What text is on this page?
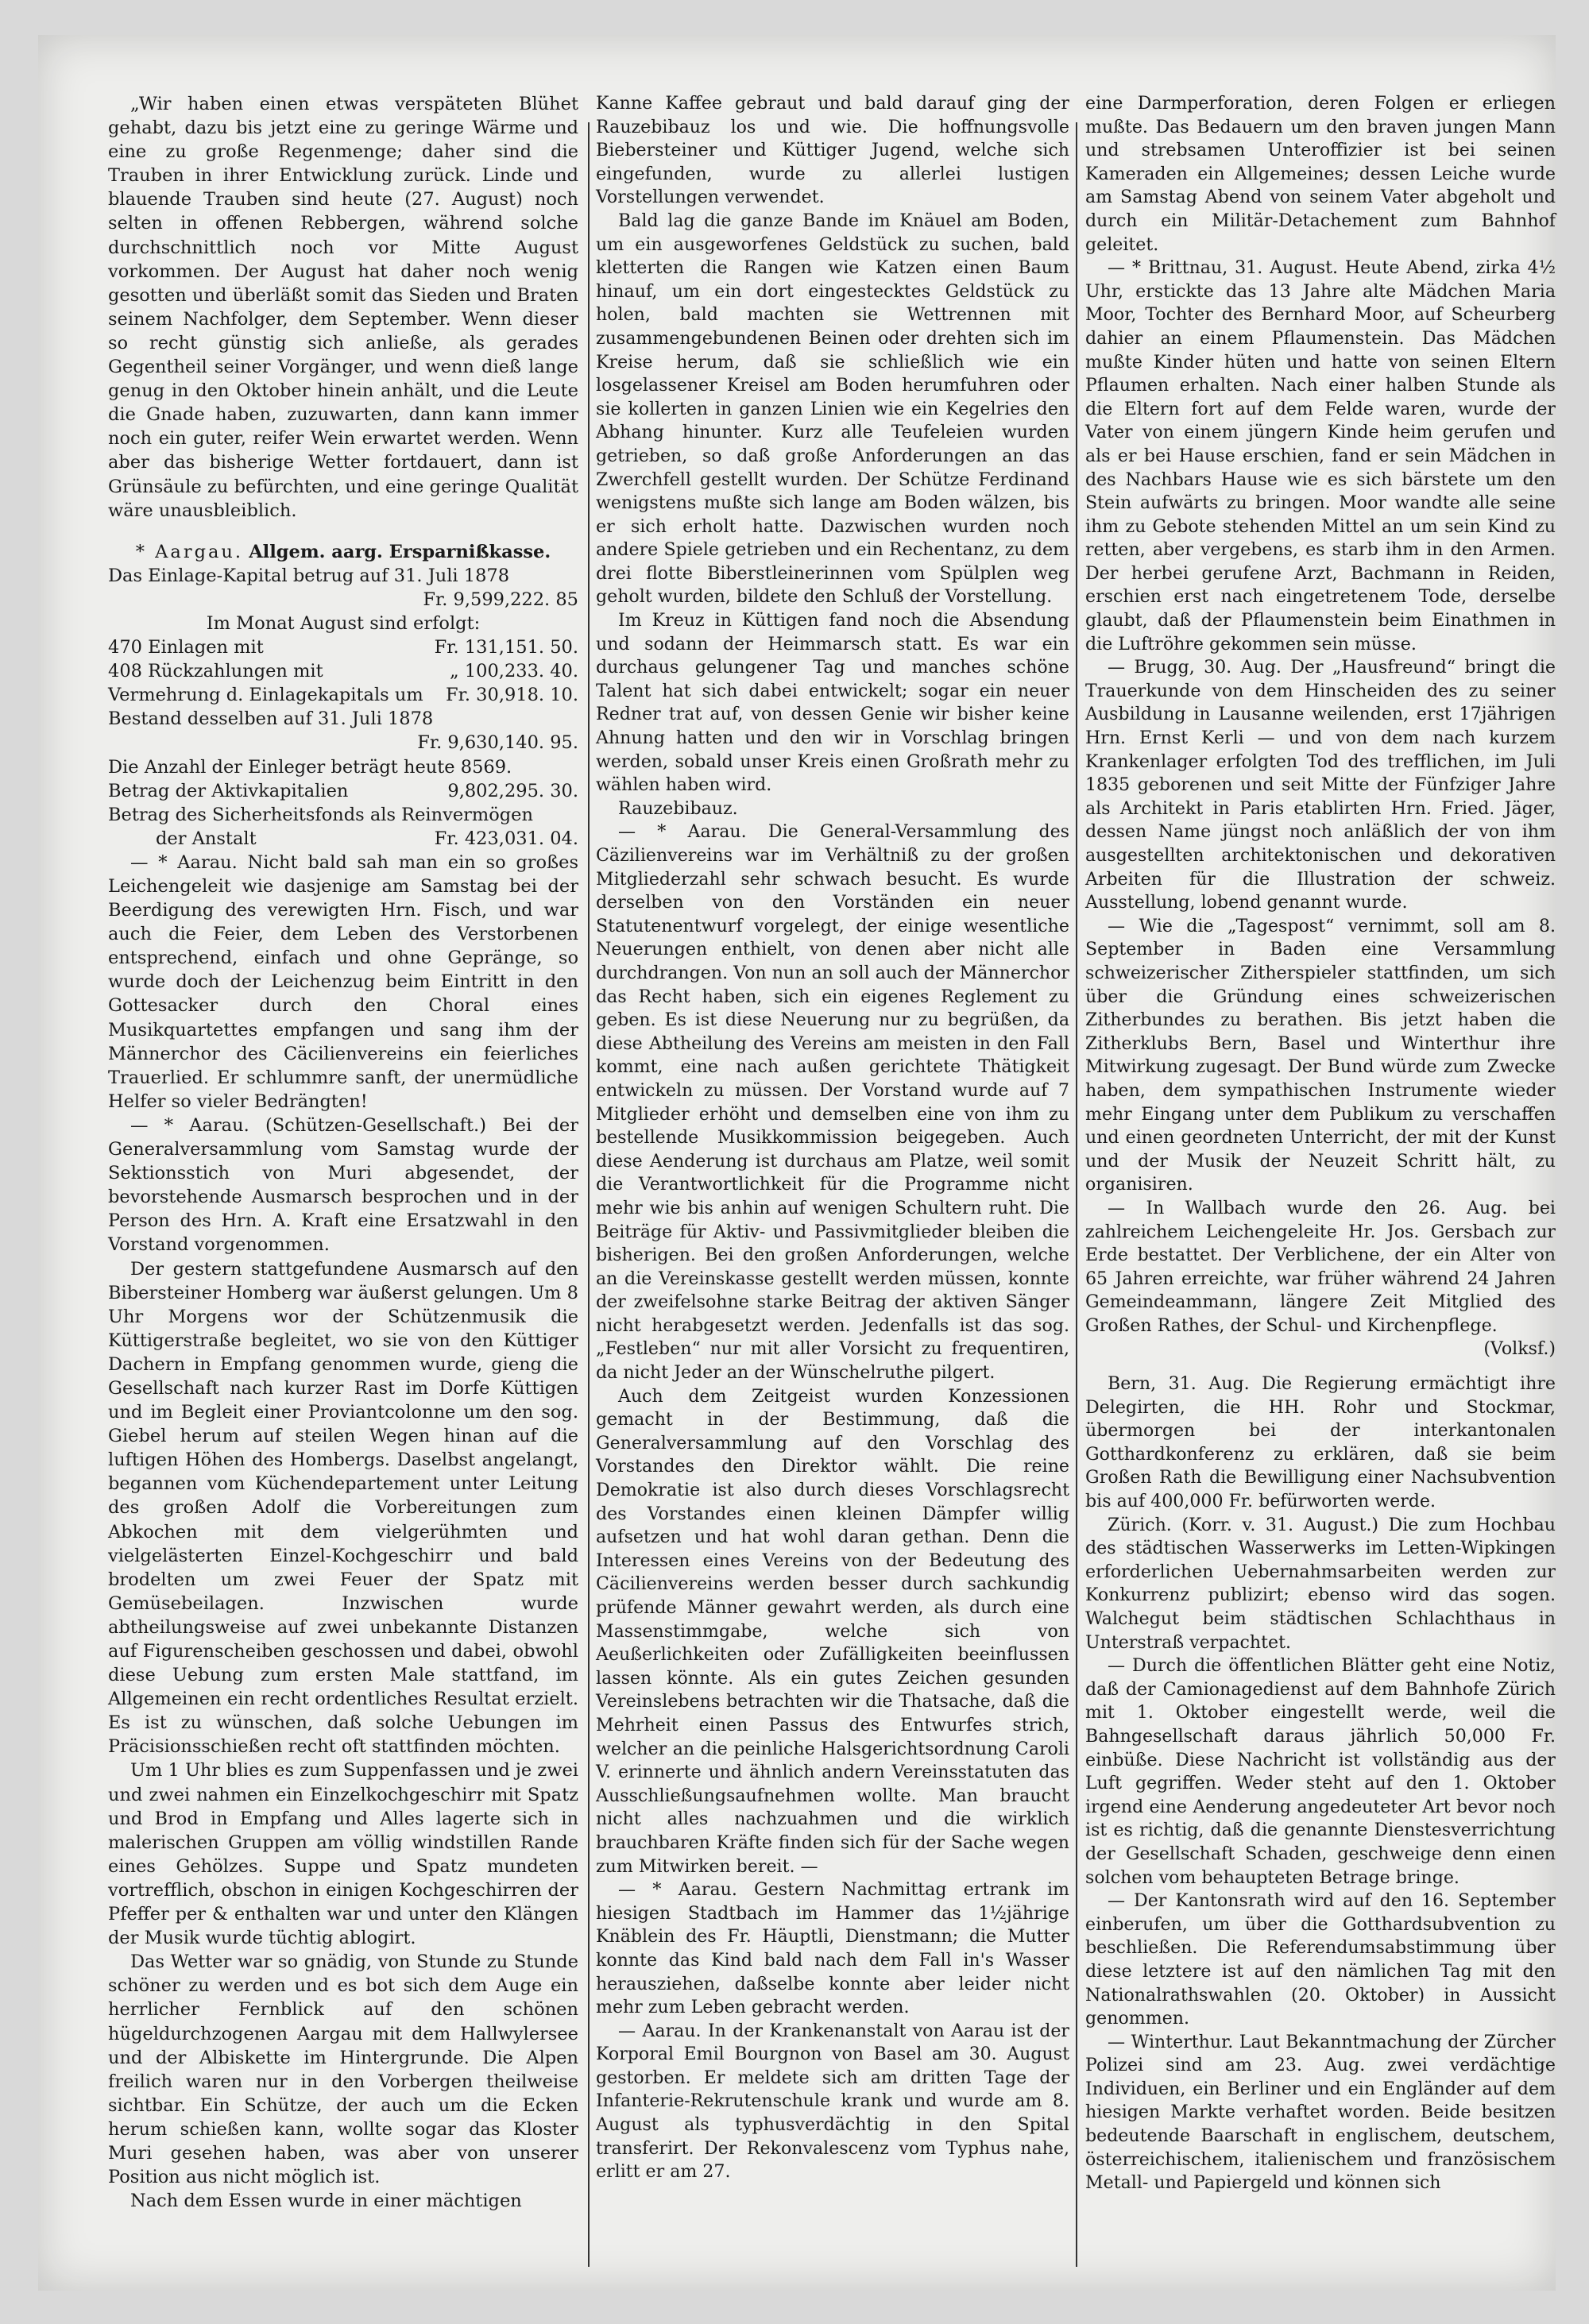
„Wir haben einen etwas verspäteten Blühet gehabt, dazu bis jetzt eine zu geringe Wärme und eine zu große Regenmenge; daher sind die Trauben in ihrer Entwicklung zurück. Linde und blauende Trauben sind heute (27. August) noch selten in offenen Rebbergen, während solche durchschnittlich noch vor Mitte August vorkommen. Der August hat daher noch wenig gesotten und überläßt somit das Sieden und Braten seinem Nachfolger, dem September. Wenn dieser so recht günstig sich anließe, als gerades Gegentheil seiner Vorgänger, und wenn dieß lange genug in den Oktober hinein anhält, und die Leute die Gnade haben, zuzuwarten, dann kann immer noch ein guter, reifer Wein erwartet werden. Wenn aber das bisherige Wetter fortdauert, dann ist Grünsäule zu befürchten, und eine geringe Qualität wäre unausbleiblich.

* Aargau. Allgem. aarg. Ersparnißkasse.

Das Einlage-Kapital betrug auf 31. Juli 1878

Fr. 9,599,222. 85

Im Monat August sind erfolgt:

470 Einlagen mit	Fr. 131,151. 50.
408 Rückzahlungen mit	„ 100,233. 40.
Vermehrung d. Einlagekapitals um Fr. 30,918. 10.

Bestand desselben auf 31. Juli 1878

Fr. 9,630,140. 95.

Die Anzahl der Einleger beträgt heute 8569.

Betrag der Aktivkapitalien	9,802,295. 30.

Betrag des Sicherheitsfonds als Reinvermögen

der Anstalt	Fr. 423,031. 04.

— * Aarau. Nicht bald sah man ein so großes Leichengeleit wie dasjenige am Samstag bei der Beerdigung des verewigten Hrn. Fisch, und war auch die Feier, dem Leben des Verstorbenen entsprechend, einfach und ohne Gepränge, so wurde doch der Leichenzug beim Eintritt in den Gottesacker durch den Choral eines Musikquartettes empfangen und sang ihm der Männerchor des Cäcilienvereins ein feierliches Trauerlied. Er schlummre sanft, der unermüdliche Helfer so vieler Bedrängten!

— * Aarau. (Schützen-Gesellschaft.) Bei der Generalversammlung vom Samstag wurde der Sektionsstich von Muri abgesendet, der bevorstehende Ausmarsch besprochen und in der Person des Hrn. A. Kraft eine Ersatzwahl in den Vorstand vorgenommen.

Der gestern stattgefundene Ausmarsch auf den Bibersteiner Homberg war äußerst gelungen. Um 8 Uhr Morgens wor der Schützenmusik die Küttigerstraße begleitet, wo sie von den Küttiger Dachern in Empfang genommen wurde, gieng die Gesellschaft nach kurzer Rast im Dorfe Küttigen und im Begleit einer Proviantcolonne um den sog. Giebel herum auf steilen Wegen hinan auf die luftigen Höhen des Hombergs. Daselbst angelangt, begannen vom Küchendepartement unter Leitung des großen Adolf die Vorbereitungen zum Abkochen mit dem vielgerühmten und vielgelästerten Einzel-Kochgeschirr und bald brodelten um zwei Feuer der Spatz mit Gemüsebeilagen. Inzwischen wurde abtheilungsweise auf zwei unbekannte Distanzen auf Figurenscheiben geschossen und dabei, obwohl diese Uebung zum ersten Male stattfand, im Allgemeinen ein recht ordentliches Resultat erzielt. Es ist zu wünschen, daß solche Uebungen im Präcisionsschießen recht oft stattfinden möchten.

Um 1 Uhr blies es zum Suppenfassen und je zwei und zwei nahmen ein Einzelkochgeschirr mit Spatz und Brod in Empfang und Alles lagerte sich in malerischen Gruppen am völlig windstillen Rande eines Gehölzes. Suppe und Spatz mundeten vortrefflich, obschon in einigen Kochgeschirren der Pfeffer per & enthalten war und unter den Klängen der Musik wurde tüchtig ablogirt.

Das Wetter war so gnädig, von Stunde zu Stunde schöner zu werden und es bot sich dem Auge ein herrlicher Fernblick auf den schönen hügeldurchzogenen Aargau mit dem Hallwylersee und der Albiskette im Hintergrunde. Die Alpen freilich waren nur in den Vorbergen theilweise sichtbar. Ein Schütze, der auch um die Ecken herum schießen kann, wollte sogar das Kloster Muri gesehen haben, was aber von unserer Position aus nicht möglich ist.

Nach dem Essen wurde in einer mächtigen

Kanne Kaffee gebraut und bald darauf ging der Rauzebibauz los und wie. Die hoffnungsvolle Biebersteiner und Küttiger Jugend, welche sich eingefunden, wurde zu allerlei lustigen Vorstellungen verwendet.

Bald lag die ganze Bande im Knäuel am Boden, um ein ausgeworfenes Geldstück zu suchen, bald kletterten die Rangen wie Katzen einen Baum hinauf, um ein dort eingestecktes Geldstück zu holen, bald machten sie Wettrennen mit zusammengebundenen Beinen oder drehten sich im Kreise herum, daß sie schließlich wie ein losgelassener Kreisel am Boden herumfuhren oder sie kollerten in ganzen Linien wie ein Kegelries den Abhang hinunter. Kurz alle Teufeleien wurden getrieben, so daß große Anforderungen an das Zwerchfell gestellt wurden. Der Schütze Ferdinand wenigstens mußte sich lange am Boden wälzen, bis er sich erholt hatte. Dazwischen wurden noch andere Spiele getrieben und ein Rechentanz, zu dem drei flotte Biberstleinerinnen vom Spülplen weg geholt wurden, bildete den Schluß der Vorstellung.

Im Kreuz in Küttigen fand noch die Absendung und sodann der Heimmarsch statt. Es war ein durchaus gelungener Tag und manches schöne Talent hat sich dabei entwickelt; sogar ein neuer Redner trat auf, von dessen Genie wir bisher keine Ahnung hatten und den wir in Vorschlag bringen werden, sobald unser Kreis einen Großrath mehr zu wählen haben wird.

Rauzebibauz.

— * Aarau. Die General-Versammlung des Cäzilienvereins war im Verhältniß zu der großen Mitgliederzahl sehr schwach besucht. Es wurde derselben von den Vorständen ein neuer Statutenentwurf vorgelegt, der einige wesentliche Neuerungen enthielt, von denen aber nicht alle durchdrangen. Von nun an soll auch der Männerchor das Recht haben, sich ein eigenes Reglement zu geben. Es ist diese Neuerung nur zu begrüßen, da diese Abtheilung des Vereins am meisten in den Fall kommt, eine nach außen gerichtete Thätigkeit entwickeln zu müssen. Der Vorstand wurde auf 7 Mitglieder erhöht und demselben eine von ihm zu bestellende Musikkommission beigegeben. Auch diese Aenderung ist durchaus am Platze, weil somit die Verantwortlichkeit für die Programme nicht mehr wie bis anhin auf wenigen Schultern ruht. Die Beiträge für Aktiv- und Passivmitglieder bleiben die bisherigen. Bei den großen Anforderungen, welche an die Vereinskasse gestellt werden müssen, konnte der zweifelsohne starke Beitrag der aktiven Sänger nicht herabgesetzt werden. Jedenfalls ist das sog. „Festleben“ nur mit aller Vorsicht zu frequentiren, da nicht Jeder an der Wünschelruthe pilgert.

Auch dem Zeitgeist wurden Konzessionen gemacht in der Bestimmung, daß die Generalversammlung auf den Vorschlag des Vorstandes den Direktor wählt. Die reine Demokratie ist also durch dieses Vorschlagsrecht des Vorstandes einen kleinen Dämpfer willig aufsetzen und hat wohl daran gethan. Denn die Interessen eines Vereins von der Bedeutung des Cäcilienvereins werden besser durch sachkundig prüfende Männer gewahrt werden, als durch eine Massenstimmgabe, welche sich von Aeußerlichkeiten oder Zufälligkeiten beeinflussen lassen könnte. Als ein gutes Zeichen gesunden Vereinslebens betrachten wir die Thatsache, daß die Mehrheit einen Passus des Entwurfes strich, welcher an die peinliche Halsgerichtsordnung Caroli V. erinnerte und ähnlich andern Vereinsstatuten das Ausschließungsaufnehmen wollte. Man braucht nicht alles nachzuahmen und die wirklich brauchbaren Kräfte finden sich für der Sache wegen zum Mitwirken bereit. —

— * Aarau. Gestern Nachmittag ertrank im hiesigen Stadtbach im Hammer das 1½jährige Knäblein des Fr. Häuptli, Dienstmann; die Mutter konnte das Kind bald nach dem Fall in's Wasser herausziehen, daßselbe konnte aber leider nicht mehr zum Leben gebracht werden.

— Aarau. In der Krankenanstalt von Aarau ist der Korporal Emil Bourgnon von Basel am 30. August gestorben. Er meldete sich am dritten Tage der Infanterie-Rekrutenschule krank und wurde am 8. August als typhusverdächtig in den Spital transferirt. Der Rekonvalescenz vom Typhus nahe, erlitt er am 27.

eine Darmperforation, deren Folgen er erliegen mußte. Das Bedauern um den braven jungen Mann und strebsamen Unteroffizier ist bei seinen Kameraden ein Allgemeines; dessen Leiche wurde am Samstag Abend von seinem Vater abgeholt und durch ein Militär-Detachement zum Bahnhof geleitet.

— * Brittnau, 31. August. Heute Abend, zirka 4½ Uhr, erstickte das 13 Jahre alte Mädchen Maria Moor, Tochter des Bernhard Moor, auf Scheurberg dahier an einem Pflaumenstein. Das Mädchen mußte Kinder hüten und hatte von seinen Eltern Pflaumen erhalten. Nach einer halben Stunde als die Eltern fort auf dem Felde waren, wurde der Vater von einem jüngern Kinde heim gerufen und als er bei Hause erschien, fand er sein Mädchen in des Nachbars Hause wie es sich bärstete um den Stein aufwärts zu bringen. Moor wandte alle seine ihm zu Gebote stehenden Mittel an um sein Kind zu retten, aber vergebens, es starb ihm in den Armen. Der herbei gerufene Arzt, Bachmann in Reiden, erschien erst nach eingetretenem Tode, derselbe glaubt, daß der Pflaumenstein beim Einathmen in die Luftröhre gekommen sein müsse.

— Brugg, 30. Aug. Der „Hausfreund“ bringt die Trauerkunde von dem Hinscheiden des zu seiner Ausbildung in Lausanne weilenden, erst 17jährigen Hrn. Ernst Kerli — und von dem nach kurzem Krankenlager erfolgten Tod des trefflichen, im Juli 1835 geborenen und seit Mitte der Fünfziger Jahre als Architekt in Paris etablirten Hrn. Fried. Jäger, dessen Name jüngst noch anläßlich der von ihm ausgestellten architektonischen und dekorativen Arbeiten für die Illustration der schweiz. Ausstellung, lobend genannt wurde.

— Wie die „Tagespost“ vernimmt, soll am 8. September in Baden eine Versammlung schweizerischer Zitherspieler stattfinden, um sich über die Gründung eines schweizerischen Zitherbundes zu berathen. Bis jetzt haben die Zitherklubs Bern, Basel und Winterthur ihre Mitwirkung zugesagt. Der Bund würde zum Zwecke haben, dem sympathischen Instrumente wieder mehr Eingang unter dem Publikum zu verschaffen und einen geordneten Unterricht, der mit der Kunst und der Musik der Neuzeit Schritt hält, zu organisiren.

— In Wallbach wurde den 26. Aug. bei zahlreichem Leichengeleite Hr. Jos. Gersbach zur Erde bestattet. Der Verblichene, der ein Alter von 65 Jahren erreichte, war früher während 24 Jahren Gemeindeammann, längere Zeit Mitglied des Großen Rathes, der Schul- und Kirchenpflege.

(Volksf.)

Bern, 31. Aug. Die Regierung ermächtigt ihre Delegirten, die HH. Rohr und Stockmar, übermorgen bei der interkantonalen Gotthardkonferenz zu erklären, daß sie beim Großen Rath die Bewilligung einer Nachsubvention bis auf 400,000 Fr. befürworten werde.

Zürich. (Korr. v. 31. August.) Die zum Hochbau des städtischen Wasserwerks im Letten-Wipkingen erforderlichen Uebernahmsarbeiten werden zur Konkurrenz publizirt; ebenso wird das sogen. Walchegut beim städtischen Schlachthaus in Unterstraß verpachtet.

— Durch die öffentlichen Blätter geht eine Notiz, daß der Camionagedienst auf dem Bahnhofe Zürich mit 1. Oktober eingestellt werde, weil die Bahngesellschaft daraus jährlich 50,000 Fr. einbüße. Diese Nachricht ist vollständig aus der Luft gegriffen. Weder steht auf den 1. Oktober irgend eine Aenderung angedeuteter Art bevor noch ist es richtig, daß die genannte Dienstesverrichtung der Gesellschaft Schaden, geschweige denn einen solchen vom behaupteten Betrage bringe.

— Der Kantonsrath wird auf den 16. September einberufen, um über die Gotthardsubvention zu beschließen. Die Referendumsabstimmung über diese letztere ist auf den nämlichen Tag mit den Nationalrathswahlen (20. Oktober) in Aussicht genommen.

— Winterthur. Laut Bekanntmachung der Zürcher Polizei sind am 23. Aug. zwei verdächtige Individuen, ein Berliner und ein Engländer auf dem hiesigen Markte verhaftet worden. Beide besitzen bedeutende Baarschaft in englischem, deutschem, österreichischem, italienischem und französischem Metall- und Papiergeld und können sich
